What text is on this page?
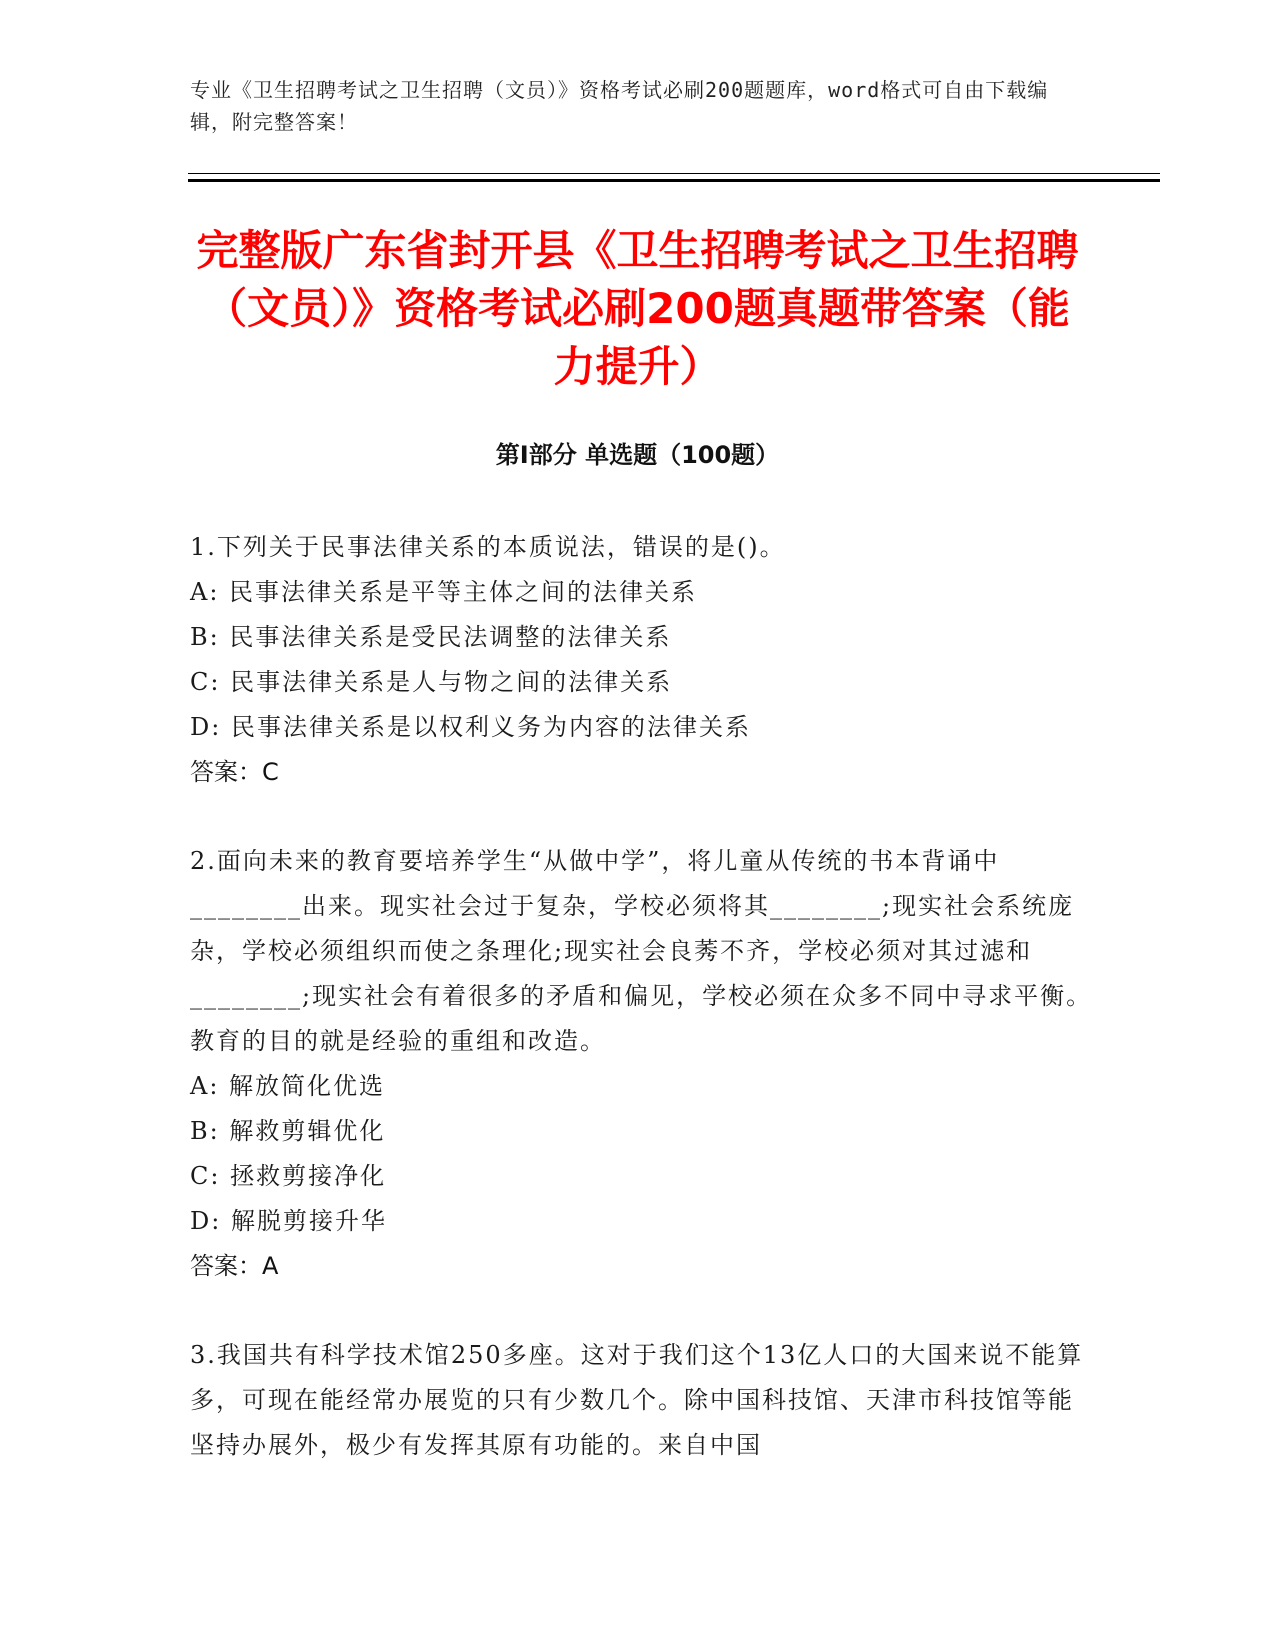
专业《卫生招聘考试之卫生招聘（文员）》资格考试必刷200题题库，word格式可自由下载编辑，附完整答案！
完整版广东省封开县《卫生招聘考试之卫生招聘（文员）》资格考试必刷200题真题带答案（能力提升）
第Ⅰ部分 单选题（100题）

1.下列关于民事法律关系的本质说法，错误的是()。

A: 民事法律关系是平等主体之间的法律关系

B: 民事法律关系是受民法调整的法律关系

C: 民事法律关系是人与物之间的法律关系

D: 民事法律关系是以权利义务为内容的法律关系

答案：C

2.面向未来的教育要培养学生“从做中学”，将儿童从传统的书本背诵中________出来。现实社会过于复杂，学校必须将其________;现实社会系统庞杂，学校必须组织而使之条理化;现实社会良莠不齐，学校必须对其过滤和________;现实社会有着很多的矛盾和偏见，学校必须在众多不同中寻求平衡。教育的目的就是经验的重组和改造。

A: 解放简化优选

B: 解救剪辑优化

C: 拯救剪接净化

D: 解脱剪接升华

答案：A

3.我国共有科学技术馆250多座。这对于我们这个13亿人口的大国来说不能算多，可现在能经常办展览的只有少数几个。除中国科技馆、天津市科技馆等能坚持办展外，极少有发挥其原有功能的。来自中国
